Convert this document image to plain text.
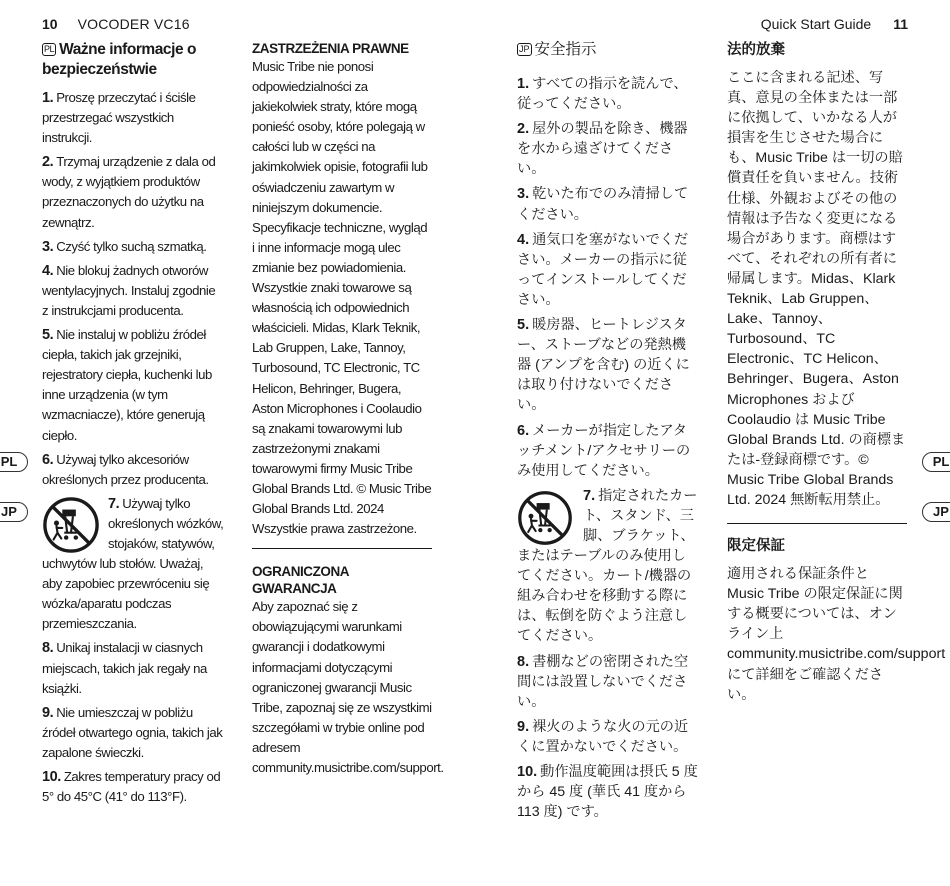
10 VOCODER VC16	Quick Start Guide 11
PL Ważne informacje o bezpieczeństwie
1. Proszę przeczytać i ściśle przestrzegać wszystkich instrukcji.
2. Trzymaj urządzenie z dala od wody, z wyjątkiem produktów przeznaczonych do użytku na zewnątrz.
3. Czyść tylko suchą szmatką.
4. Nie blokuj żadnych otworów wentylacyjnych. Instaluj zgodnie z instrukcjami producenta.
5. Nie instaluj w pobliżu źródeł ciepła, takich jak grzejniki, rejestratory ciepła, kuchenki lub inne urządzenia (w tym wzmacniacze), które generują ciepło.
6. Używaj tylko akcesoriów określonych przez producenta.
7. Używaj tylko określonych wózków, stojaków, statywów, uchwytów lub stołów. Uważaj, aby zapobiec przewróceniu się wózka/aparatu podczas przemieszczania.
8. Unikaj instalacji w ciasnych miejscach, takich jak regały na książki.
9. Nie umieszczaj w pobliżu źródeł otwartego ognia, takich jak zapalone świeczki.
10. Zakres temperatury pracy od 5° do 45°C (41° do 113°F).
ZASTRZEŻENIA PRAWNE

Music Tribe nie ponosi odpowiedzialności za jakiekolwiek straty, które mogą ponieść osoby, które polegają w całości lub w części na jakimkolwiek opisie, fotografii lub oświadczeniu zawartym w niniejszym dokumencie. Specyfikacje techniczne, wygląd i inne informacje mogą ulec zmianie bez powiadomienia. Wszystkie znaki towarowe są własnością ich odpowiednich właścicieli. Midas, Klark Teknik, Lab Gruppen, Lake, Tannoy, Turbosound, TC Electronic, TC Helicon, Behringer, Bugera, Aston Microphones i Coolaudio są znakami towarowymi lub zastrzeżonymi znakami towarowymi firmy Music Tribe Global Brands Ltd. © Music Tribe Global Brands Ltd. 2024 Wszystkie prawa zastrzeżone.

OGRANICZONA GWARANCJA

Aby zapoznać się z obowiązującymi warunkami gwarancji i dodatkowymi informacjami dotyczącymi ograniczonej gwarancji Music Tribe, zapoznaj się ze wszystkimi szczegółami w trybie online pod adresem community.musictribe.com/support.

JP 安全指示
1. すべての指示を読んで、従ってください。
2. 屋外の製品を除き、機器を水から遠ざけてください。
3. 乾いた布でのみ清掃してください。
4. 通気口を塞がないでください。メーカーの指示に従ってインストールしてください。
5. 暖房器、ヒートレジスター、ストーブなどの発熱機器 (アンプを含む) の近くには取り付けないでください。
6. メーカーが指定したアタッチメント/アクセサリーのみ使用してください。
7. 指定されたカート、スタンド、三脚、ブラケット、またはテーブルのみ使用してください。カート/機器の組み合わせを移動する際には、転倒を防ぐよう注意してください。
8. 書棚などの密閉された空間には設置しないでください。
9. 裸火のような火の元の近くに置かないでください。
10. 動作温度範囲は摂氏 5 度から 45 度 (華氏 41 度から 113 度) です。
法的放棄

ここに含まれる記述、写真、意見の全体または一部に依拠して、いかなる人が損害を生じさせた場合にも、Music Tribe は一切の賠償責任を負いません。技術仕様、外観およびその他の情報は予告なく変更になる場合があります。商標はすべて、それぞれの所有者に帰属します。Midas、Klark Teknik、Lab Gruppen、Lake、Tannoy、Turbosound、TC Electronic、TC Helicon、Behringer、Bugera、Aston Microphones および Coolaudio は Music Tribe Global Brands Ltd. の商標または-登録商標です。© Music Tribe Global Brands Ltd. 2024 無断転用禁止。

限定保証

適用される保証条件と Music Tribe の限定保証に関する概要については、オンライン上 community.musictribe.com/support にて詳細をご確認ください。

PL
JP
PL
JP
